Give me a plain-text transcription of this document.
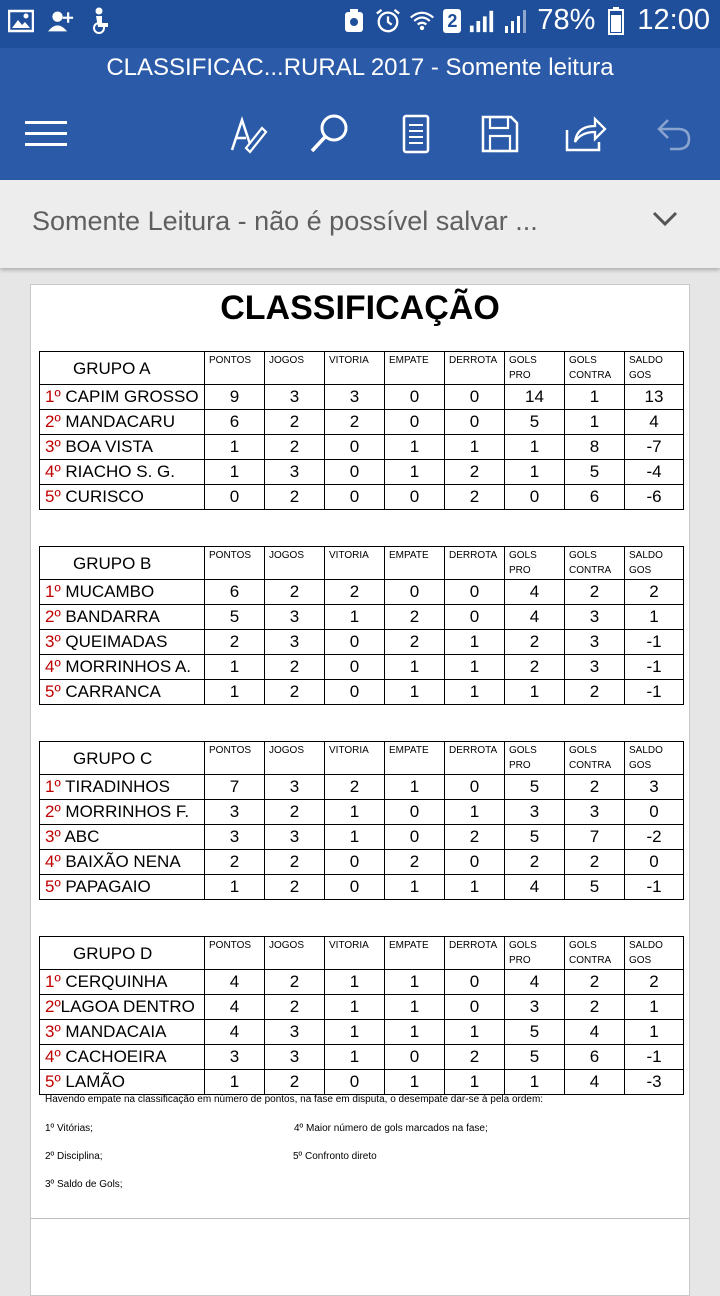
2	78% 12:00
CLASSIFICAC...RURAL 2017 - Somente leitura
Somente Leitura - não é possível salvar ...
CLASSIFICAÇÃO
GRUPO A	PONTOS	JOGOS	VITORIA	EMPATE	DERROTA	GOLS PRO	GOLS CONTRA	SALDO GOS
1º CAPIM GROSSO	9	3	3	0	0	14	1	13
2º MANDACARU	6	2	2	0	0	5	1	4
3º BOA VISTA	1	2	0	1	1	1	8	-7
4º RIACHO S. G.	1	3	0	1	2	1	5	-4
5º CURISCO	0	2	0	0	2	0	6	-6
GRUPO B	PONTOS	JOGOS	VITORIA	EMPATE	DERROTA	GOLS PRO	GOLS CONTRA	SALDO GOS
1º MUCAMBO	6	2	2	0	0	4	2	2
2º BANDARRA	5	3	1	2	0	4	3	1
3º QUEIMADAS	2	3	0	2	1	2	3	-1
4º MORRINHOS A.	1	2	0	1	1	2	3	-1
5º CARRANCA	1	2	0	1	1	1	2	-1
GRUPO C	PONTOS	JOGOS	VITORIA	EMPATE	DERROTA	GOLS PRO	GOLS CONTRA	SALDO GOS
1º TIRADINHOS	7	3	2	1	0	5	2	3
2º MORRINHOS F.	3	2	1	0	1	3	3	0
3º ABC	3	3	1	0	2	5	7	-2
4º BAIXÃO NENA	2	2	0	2	0	2	2	0
5º PAPAGAIO	1	2	0	1	1	4	5	-1
GRUPO D	PONTOS	JOGOS	VITORIA	EMPATE	DERROTA	GOLS PRO	GOLS CONTRA	SALDO GOS
1º CERQUINHA	4	2	1	1	0	4	2	2
2ºLAGOA DENTRO	4	2	1	1	0	3	2	1
3º MANDACAIA	4	3	1	1	1	5	4	1
4º CACHOEIRA	3	3	1	0	2	5	6	-1
5º LAMÃO	1	2	0	1	1	1	4	-3
Havendo empate na classificação em número de pontos, na fase em disputa, o desempate dar-se á pela ordem:
1º Vitórias;	4º Maior número de gols marcados na fase;
2º Disciplina;	5º Confronto direto
3º Saldo de Gols;
